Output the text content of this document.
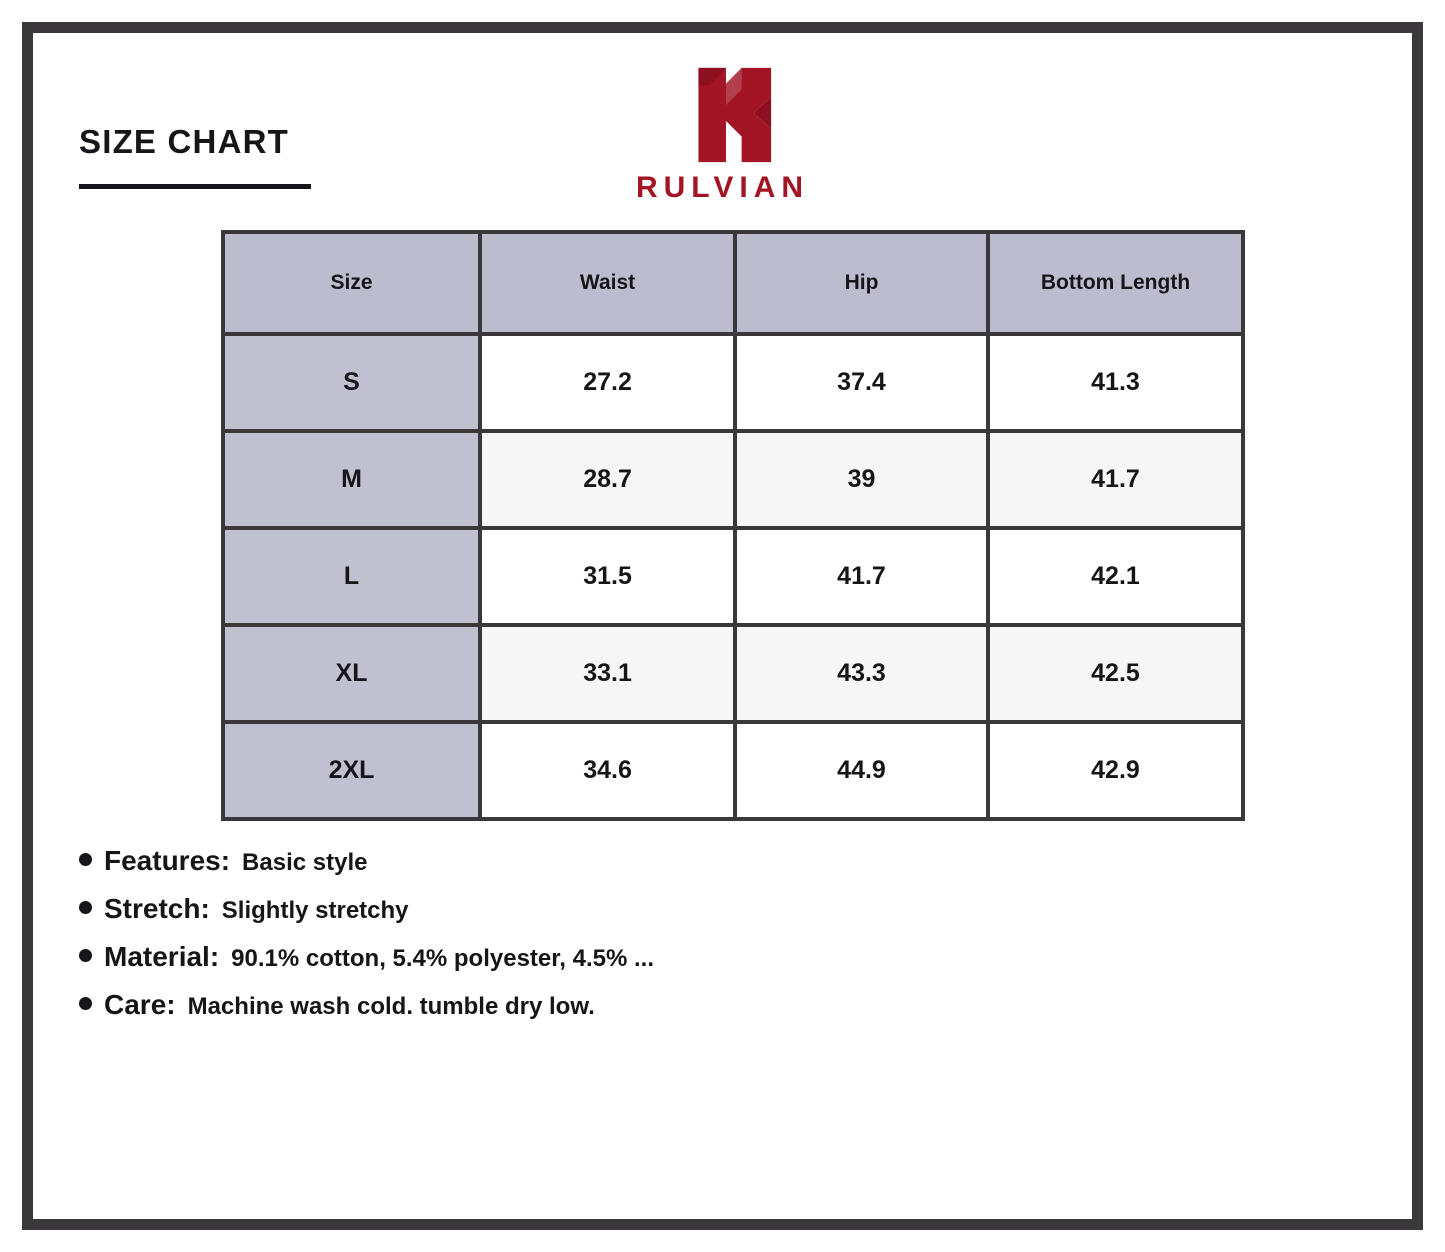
SIZE CHART
RULVIAN
Size	Waist	Hip	Bottom Length
S	27.2	37.4	41.3
M	28.7	39	41.7
L	31.5	41.7	42.1
XL	33.1	43.3	42.5
2XL	34.6	44.9	42.9
Features: Basic style
Stretch: Slightly stretchy
Material: 90.1% cotton, 5.4% polyester, 4.5% ...
Care: Machine wash cold. tumble dry low.
